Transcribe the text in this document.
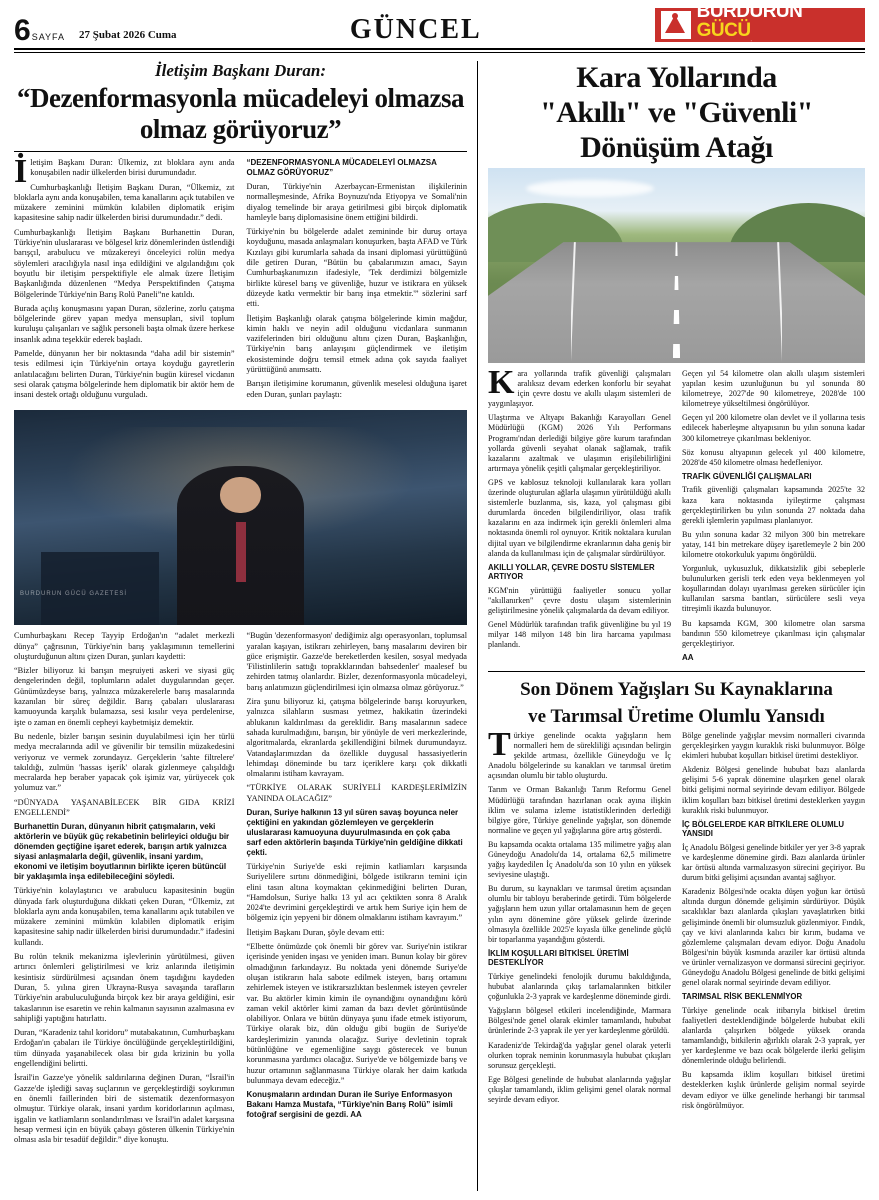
6 SAYFA 27 Şubat 2026 Cuma	GÜNCEL
BURDURUN GÜCÜ
GAZETESİ
İletişim Başkanı Duran:
“Dezenformasyonla mücadeleyi olmazsa olmaz görüyoruz”

İletişim Başkanı Duran: Ülkemiz, zıt bloklara aynı anda konuşabilen nadir ülkelerden birisi durumundadır.

Cumhurbaşkanlığı İletişim Başkanı Duran, “Ülkemiz, zıt bloklarla aynı anda konuşabilen, tema kanallarını açık tutabilen ve müzakere zeminini mümkün kılabilen diplomatik erişim kapasitesine sahip nadir ülkelerden birisi durumundadır.” dedi.

Cumhurbaşkanlığı İletişim Başkanı Burhanettin Duran, Türkiye'nin uluslararası ve bölgesel kriz dönemlerinden üstlendiği barışçıl, arabulucu ve müzakereyi önceleyici rolün medya söylemleri aracılığıyla nasıl inşa edildiğini ve algılandığını çok boyutlu bir iletişim perspektifiyle ele almak üzere İletişim Başkanlığında düzenlenen “Medya Perspektifinden Çatışma Bölgelerinde Türkiye'nin Barış Rolü Paneli”ne katıldı.

Burada açılış konuşmasını yapan Duran, sözlerine, zorlu çatışma bölgelerinde görev yapan medya mensupları, sivil toplum kuruluşu çalışanları ve sağlık personeli başta olmak üzere herkese insanlık adına teşekkür ederek başladı.

Pamelde, dünyanın her bir noktasında “daha adil bir sistemin” tesis edilmesi için Türkiye'nin ortaya koyduğu gayretlerin anlatılacağını belirten Duran, Türkiye'nin bugün küresel vicdanın sesi olarak çatışma bölgelerinde hem diplomatik bir aktör hem de insani destek ortağı olduğunu vurguladı.

“DEZENFORMASYONLA MÜCADELEYİ OLMAZSA OLMAZ GÖRÜYORUZ”

Duran, Türkiye'nin Azerbaycan-Ermenistan ilişkilerinin normalleşmesinde, Afrika Boynuzu'nda Etiyopya ve Somali'nin diyalog temelinde bir araya getirilmesi gibi birçok diplomatik hamleyle barış diplomasisine önem ettiğini bildirdi.

Türkiye'nin bu bölgelerde adalet zemininde bir duruş ortaya koyduğunu, masada anlaşmaları konuşurken, başta AFAD ve Türk Kızılayı gibi kurumlarla sahada da insani diplomasi yürüttüğünü dile getiren Duran, “Bütün bu çabalarımızın amacı, Sayın Cumhurbaşkanımızın ifadesiyle, 'Tek derdimizi bölgemizle birlikte küresel barış ve güvenliğe, huzur ve istikrara en yüksek düzeyde katkı vermektir bir barış inşa etmektir.'” sözlerini sarf etti.

İletişim Başkanlığı olarak çatışma bölgelerinde kimin mağdur, kimin haklı ve neyin adil olduğunu vicdanlara sunmanın vazifelerinden biri olduğunu altını çizen Duran, Başkanlığın, Türkiye'nin barış anlayışını güçlendirmek ve iletişim ekosisteminde doğru temsil etmek adına çok sayıda faaliyet yürüttüğünü anımsattı.

Barışın iletişimine korumanın, güvenlik meselesi olduğuna işaret eden Duran, şunları paylaştı:

BURDURUN GÜCÜ GAZETESİ

Cumhurbaşkanı Recep Tayyip Erdoğan'ın “adalet merkezli dünya” çağrısının, Türkiye'nin barış yaklaşımının temellerini oluşturduğunun altını çizen Duran, şunları kaydetti:

“Bizler biliyoruz ki barışın meşruiyeti askeri ve siyasi güç dengelerinden değil, toplumların adalet duygularından geçer. Günümüzdeyse barış, yalnızca müzakerelerle barış masalarında kazanılan bir süreç değildir. Barış çabaları uluslararası kamuoyunda karşılık bulamazsa, sesi kısılır veya perdelenirse, işte o zaman en önemli cepheyi kaybetmişiz demektir.

Bu nedenle, bizler barışın sesinin duyulabilmesi için her türlü medya mecralarında adil ve güvenilir bir temsilin müzakedesini veriyoruz ve vermek zorundayız. Gerçeklerin 'sahte filtrelere' takıldığı, zulmün 'hassas işerik' olarak gizlenmeye çalışıldığı mecralarda hep beraber yapacak çok işimiz var, yürüyecek çok yolumuz var.”

“DÜNYADA YAŞANABİLECEK BİR GIDA KRİZİ ENGELLENDİ”

Burhanettin Duran, dünyanın hibrit çatışmaların, veki aktörlerin ve büyük güç rekabetinin belirleyici olduğu bir dönemden geçtiğine işaret ederek, barışın artık yalnızca siyasi anlaşmalarla değil, güvenlik, insani yardım, ekonomi ve iletişim boyutlarının birlikte içeren bütüncül bir yaklaşımla inşa edilebileceğini söyledi.

Türkiye'nin kolaylaştırıcı ve arabulucu kapasitesinin bugün dünyada fark oluşturduğuna dikkati çeken Duran, “Ülkemiz, zıt bloklarla aynı anda konuşabilen, tema kanallarını açık tutabilen ve müzakere zeminini mümkün kılabilen diplomatik erişim kapasitesine sahip nadir ülkelerden birisi durumundadır.” ifadesini kullandı.

Bu rolün teknik mekanizma işlevlerinin yürütülmesi, güven artırıcı önlemleri geliştirilmesi ve kriz anlarında iletişimin kesintisiz sürdürülmesi açısından önem taşıdığını kaydeden Duran, 5. yılına giren Ukrayna-Rusya savaşında tarafların Türkiye'nin arabuluculuğunda birçok kez bir araya geldiğini, esir takaslarının ise esaretin ve rehin kalmanın sayısının azalmasına ev sahipliği yaptığını hatırlattı.

Duran, “Karadeniz tahıl koridoru” mutabakatının, Cumhurbaşkanı Erdoğan'ın çabaları ile Türkiye öncülüğünde gerçekleştirildiğini, tüm dünyada yaşanabilecek olası bir gıda krizinin bu yolla engellendiğini belirtti.

İsrail'in Gazze'ye yönelik saldırılarına değinen Duran, “İsrail'in Gazze'de işlediği savaş suçlarının ve gerçekleştirdiği soykırımın en önemli faillerinden biri de sistematik dezenformasyon olmuştur. Türkiye olarak, insani yardım koridorlarının açılması, işgalin ve katliamların sonlandırılması ve İsrail'in adalet karşısına hesap vermesi için en büyük çabayı gösteren ülkenin Türkiye'nin olması asla bir tesadüf değildir.” diye konuştu.

“Bugün 'dezenformasyon' dediğimiz algı operasyonları, toplumsal yaralan kaşıyan, istikrarı zehirleyen, barış masalarını deviren bir güce erişmiştir. Gazze'de bereketlerden kesilen, sosyal medyada 'Filistinlilerin sattığı toprakklarından bahsedenler' maalesef bu zehirden tatmış olanlardır. Bizler, dezenformasyonla mücadeleyi, barış anlatımızın güçlendirilmesi için olmazsa olmaz görüyoruz.”

Zira şunu biliyoruz ki, çatışma bölgelerinde barışı koruyurken, yalnızca silahların susması yetmez, hakikatin üzerindeki ablukanın kaldırılması da gereklidir. Barış masalarının sadece sahada kurulmadığını, barışın, bir yönüyle de veri merkezlerinde, algoritmalarda, ekranlarda şekillendiğini bilmek durumundayız. Vatandaşlarımızdan da özellikle duygusal hassasiyetlerin lehimdaşı döneminde bu tarz içeriklere karşı çok dikkatli olmalarını istiham kavrayam.

“TÜRKİYE OLARAK SURİYELİ KARDEŞLERİMİZİN YANINDA OLACAĞIZ”

Duran, Suriye halkının 13 yıl süren savaş boyunca neler çektiğini en yakından gözlemleyen ve gerçeklerin uluslararası kamuoyuna duyurulmasında en çok çaba sarf eden aktörlerin başında Türkiye'nin geldiğine dikkati çekti.

Türkiye'nin Suriye'de eski rejimin katliamları karşısında Suriyelilere sırtını dönmediğini, bölgede istikrarın temini için elini tasın altına koymaktan çekinmediğini belirten Duran, “Hamdolsun, Suriye halkı 13 yıl acı çektikten sonra 8 Aralık 2024'te devrimini gerçekleştirdi ve artık hem Suriye için hem de bölgemiz için yepyeni bir dönem olmaklarını istiham kavrayım.”

İletişim Başkanı Duran, şöyle devam etti:

“Elbette önümüzde çok önemli bir görev var. Suriye'nin istikrar içerisinde yeniden inşası ve yeniden imarı. Bunun kolay bir görev olmadığının farkındayız. Bu noktada yeni dönemde Suriye'de oluşan istikrarın hala sabote edilmek isteyen, barış ortamını zehirlemek isteyen ve istikrarsızlıktan beslenmek isteyen çevreler var. Bu aktörler kimin kimin ile oynandığını oynandığını körü zaman vekil aktörler kimi zaman da bazı devlet görüntüsünde olabiliyor. Onlara ve bütün dünyaya şunu ifade etmek istiyorum, Türkiye olarak biz, dün olduğu gibi bugün de Suriye'de kardeşlerimizin yanında olacağız. Suriye devletinin toprak bütünlüğüne ve egemenliğine saygı gösterecek ve bunun korunmasına yardımcı olacağız. Suriye'de ve bölgemizde barış ve huzur ortamının sağlanmasına Türkiye olarak her daim katkıda bulunmaya devam edeceğiz.”

Konuşmaların ardından Duran ile Suriye Enformasyon Bakanı Hamza Mustafa, “Türkiye'nin Barış Rolü” isimli fotoğraf sergisini de gezdi. AA

Kara Yollarında
"Akıllı" ve "Güvenli"
Dönüşüm Atağı

Kara yollarında trafik güvenliği çalışmaları aralıksız devam ederken konforlu bir seyahat için çevre dostu ve akıllı ulaşım sistemleri de yaygınlaşıyor.

Ulaştırma ve Altyapı Bakanlığı Karayolları Genel Müdürlüğü (KGM) 2026 Yılı Performans Programı'ndan derlediği bilgiye göre kurum tarafından yollarda güvenli seyahat olanak sağlamak, trafik kazalarını azaltmak ve ulaşımın erişilebilirliğini artırmaya yönelik çeşitli çalışmalar gerçekleştiriliyor.

GPS ve kablosuz teknoloji kullanılarak kara yolları üzerinde oluşturulan ağlarla ulaşımın yürütüldüğü akıllı sistemlerle buzlanma, sis, kaza, yol çalışması gibi durumlarda önceden bilgilendiriliyor, olası trafik kazalarını en aza indirmek için gerekli önlemleri alma noktasında önemli rol oynuyor. Kritik noktalara kurulan dijital uyarı ve bilgilendirme ekranlarının daha geniş bir alanda da kullanılması için de çalışmalar sürdürülüyor.

AKILLI YOLLAR, ÇEVRE DOSTU SİSTEMLER ARTIYOR

KGM'nin yürüttüğü faaliyetler sonucu yollar "akıllanırken" çevre dostu ulaşım sistemlerinin geliştirilmesine yönelik çalışmalarda da devam ediliyor.

Genel Müdürlük tarafından trafik güvenliğine bu yıl 19 milyar 148 milyon 148 bin lira harcama yapılması planlandı.

Geçen yıl 54 kilometre olan akıllı ulaşım sistemleri yapılan kesim uzunluğunun bu yıl sonunda 80 kilometreye, 2027'de 90 kilometreye, 2028'de 100 kilometreye yükseltilmesi öngörülüyor.

Geçen yıl 200 kilometre olan devlet ve il yollarına tesis edilecek haberleşme altyapısının bu yılın sonuna kadar 300 kilometreye çıkarılması bekleniyor.

Söz konusu altyapının gelecek yıl 400 kilometre, 2028'de 450 kilometre olması hedefleniyor.

TRAFİK GÜVENLİĞİ ÇALIŞMALARI

Trafik güvenliği çalışmaları kapsamında 2025'te 32 kaza kara noktasında iyileştirme çalışması gerçekleştirilirken bu yılın sonunda 27 noktada daha gerekli işlemlerin yapılması planlanıyor.

Bu yılın sonuna kadar 32 milyon 300 bin metrekare yatay, 141 bin metrekare düşey işaretlemeyle 2 bin 200 kilometre otokorkuluk yapımı öngörüldü.

Yorgunluk, uykusuzluk, dikkatsizlik gibi sebeplerle bulunulurken gerisli terk eden veya beklenmeyen yol koşullarından dolayı uyarılması gereken sürücüler için kullanılan sarsma bantları, sürücülere sesli veya titreşimli ikazda bulunuyor.

Bu kapsamda KGM, 300 kilometre olan sarsma bandının 550 kilometreye çıkarılması için çalışmalar gerçekleştiriyor.

AA

Son Dönem Yağışları Su Kaynaklarına
ve Tarımsal Üretime Olumlu Yansıdı

Türkiye genelinde ocakta yağışların hem normalleri hem de sürekliliği açısından belirgin şekilde artması, özellikle Güneydoğu ve İç Anadolu bölgelerinde su kanakları ve tarımsal üretim açısından olumlu bir tablo oluşturdu.

Tarım ve Orman Bakanlığı Tarım Reformu Genel Müdürlüğü tarafından hazırlanan ocak ayına ilişkin iklim ve sulama izleme istatistiklerinden derlediği bilgiye göre, Türkiye genelinde yağışlar, son dönemde normaline ve geçen yıl yağışlarına göre artış gösterdi.

Bu kapsamda ocakta ortalama 135 milimetre yağış alan Güneydoğu Anadolu'da 14, ortalama 62,5 milimetre yağış kaydedilen İç Anadolu'da son 10 yılın en yüksek seviyesine ulaştığı.

Bu durum, su kaynakları ve tarımsal üretim açısından olumlu bir tabloyu beraberinde getirdi. Tüm bölgelerde yağışların hem uzun yıllar ortalamasının hem de geçen yılın aynı dönemine göre yüksek gelirde üzerinde olmasıyla özellikle 2025'e kıyasla ülke genelinde güçlü bir toparlanma yaşandığını gösterdi.

İKLİM KOŞULLARI BİTKİSEL ÜRETİMİ DESTEKLİYOR

Türkiye genelindeki fenolojik durumu bakıldığında, hububat alanlarında çıkış tarlamalarınken bitkiler çoğunlukla 2-3 yaprak ve kardeşlenme döneminde girdi.

Yağışların bölgesel etkileri incelendiğinde, Marmara Bölgesi'nde genel olarak ekimler tamamlandı, hububat ürünlerinde 2-3 yaprak ile yer yer kardeşlenme görüldü.

Karadeniz'de Tekirdağ'da yağışlar genel olarak yeterli olurken toprak neminin korunmasıyla hububat çıkışları sorunsuz gerçekleşti.

Ege Bölgesi genelinde de hububat alanlarında yağışlar çıkışlar tamamlandı, iklim gelişimi genel olarak normal seyirde devam ediyor.

Bölge genelinde yağışlar mevsim normalleri civarında gerçekleşirken yaygın kuraklık riski bulunmuyor. Bölge ekimleri hububat koşulları bitkisel üretimi destekliyor.

Akdeniz Bölgesi genelinde hububat bazı alanlarda gelişimi 5-6 yaprak dönemine ulaşırken genel olarak bitki gelişimi normal seyirinde devam ediliyor. Bölgede iklim koşulları bazı bitkisel üretimi desteklerken yaygın kuraklık riski bulunmuyor.

İÇ BÖLGELERDE KAR BİTKİLERE OLUMLU YANSIDI

İç Anadolu Bölgesi genelinde bitkiler yer yer 3-8 yaprak ve kardeşlenme dönemine girdi. Bazı alanlarda ürünler kar örtüsü altında varmalızasyon sürecini geçiriyor. Bu durum bitki gelişimi açısından avantaj sağlıyor.

Karadeniz Bölgesi'nde ocakta düşen yoğun kar örtüsü altında durgun dönemde gelişimin sürdürüyor. Düşük sıcaklıklar bazı alanlarda çıkışları yavaşlatırken bitki gelişiminde önemli bir olumsuzluk gözlenmiyor. Fındık, çay ve kivi alanlarında kalıcı bir kırım, budama ve gözlemleme çalışmaları devam ediyor. Doğu Anadolu Bölgesi'nin büyük kısmında araziler kar örtüsü altında ve ürünler vernalizasyon ve dormansi sürecini geçiriyor. Güneydoğu Anadolu Bölgesi genelinde de bitki gelişimi genel olarak normal seyirinde devam ediliyor.

TARIMSAL RİSK BEKLENMİYOR

Türkiye genelinde ocak itibarıyla bitkisel üretim faaliyetleri desteklendiğinde bölgelerde hububat ekili alanlarda çalışırken bölgede yüksek oranda tamamlandığı, bitkilerin ağırlıklı olarak 2-3 yaprak, yer yer kardeşlenme ve bazı ocak bölgelerde ilerki gelişim dönemlerinde olduğu belirlendi.

Bu kapsamda iklim koşulları bitkisel üretimi desteklerken kışlık ürünlerde gelişim normal seyirde devam ediyor ve ülke genelinde herhangi bir tarımsal risk öngörülmüyor.
